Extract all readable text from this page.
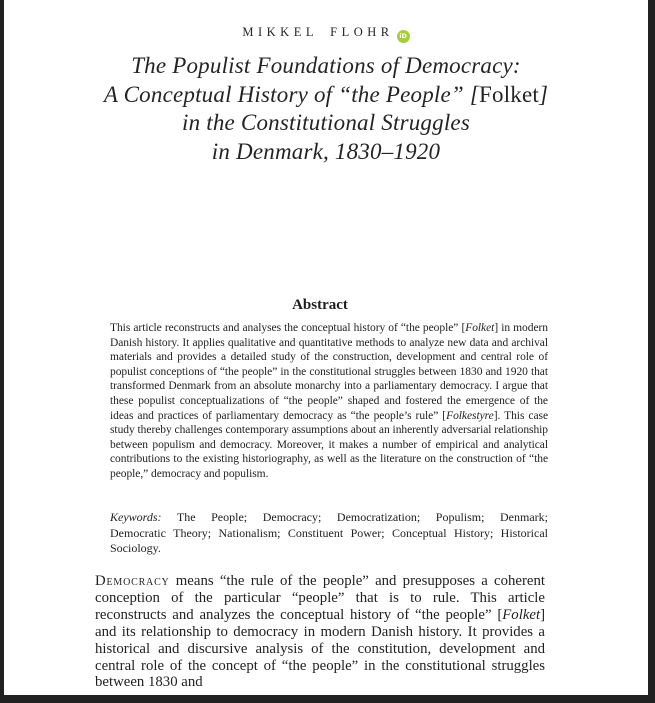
MIKKEL FLOHR iD
The Populist Foundations of Democracy:
A Conceptual History of “the People” [Folket]
in the Constitutional Struggles
in Denmark, 1830–1920
Abstract
This article reconstructs and analyses the conceptual history of “the people” [Folket] in modern Danish history. It applies qualitative and quantitative methods to analyze new data and archival materials and provides a detailed study of the construction, development and central role of populist conceptions of “the people” in the constitutional struggles between 1830 and 1920 that transformed Denmark from an absolute monarchy into a parliamentary democracy. I argue that these populist conceptualizations of “the people” shaped and fostered the emergence of the ideas and practices of parliamentary democracy as “the people’s rule” [Folkestyre]. This case study thereby challenges contemporary assumptions about an inherently adversarial relationship between populism and democracy. Moreover, it makes a number of empirical and analytical contributions to the existing historiography, as well as the literature on the construction of “the people,” democracy and populism.
Keywords: The People; Democracy; Democratization; Populism; Denmark; Democratic Theory; Nationalism; Constituent Power; Conceptual History; Historical Sociology.
Democracy means “the rule of the people” and presupposes a coherent conception of the particular “people” that is to rule. This article reconstructs and analyzes the conceptual history of “the people” [Folket] and its relationship to democracy in modern Danish history. It provides a historical and discursive analysis of the constitution, development and central role of the concept of “the people” in the constitutional struggles between 1830 and
